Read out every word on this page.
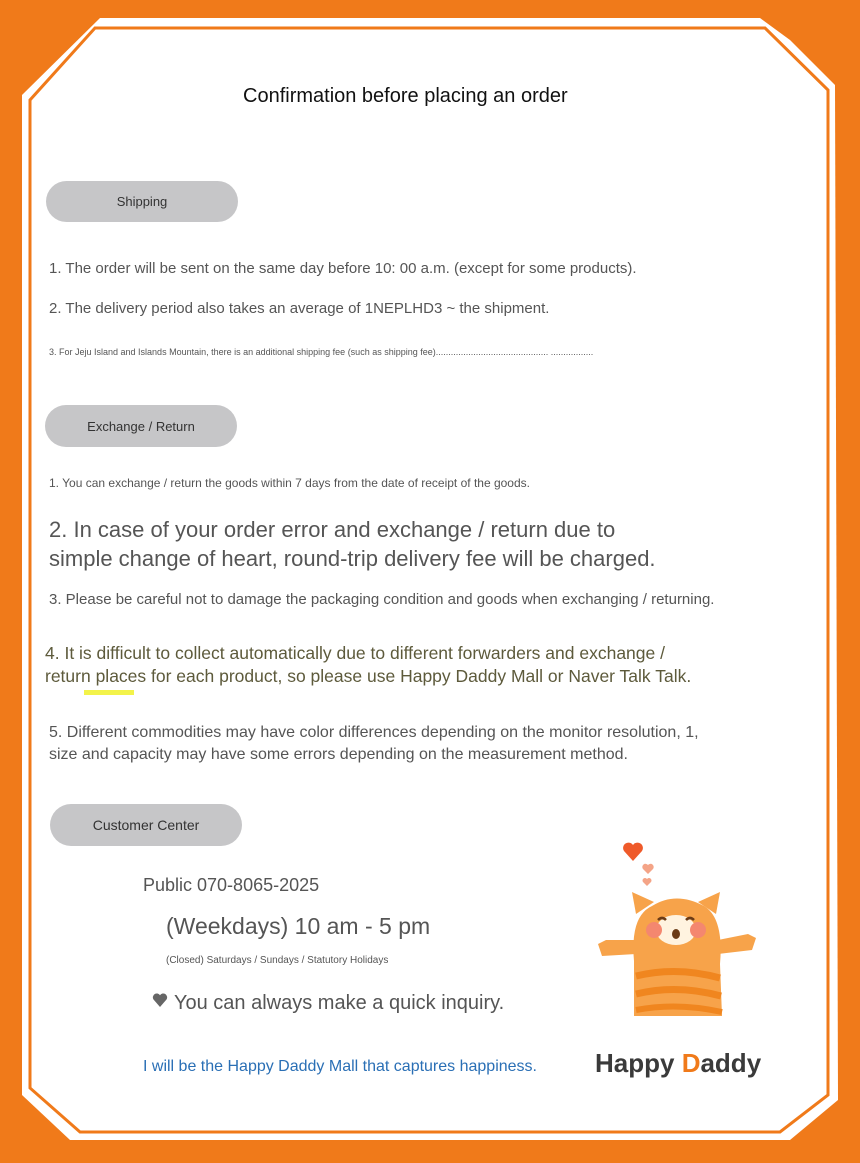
Confirmation before placing an order
Shipping
1. The order will be sent on the same day before 10: 00 a.m. (except for some products).
2. The delivery period also takes an average of 1NEPLHD3 ~ the shipment.
3. For Jeju Island and Islands Mountain, there is an additional shipping fee (such as shipping fee)............................................. .................
Exchange / Return
1. You can exchange / return the goods within 7 days from the date of receipt of the goods.
2. In case of your order error and exchange / return due to
simple change of heart, round-trip delivery fee will be charged.
3. Please be careful not to damage the packaging condition and goods when exchanging / returning.
4. It is difficult to collect automatically due to different forwarders and exchange /
return places for each product, so please use Happy Daddy Mall or Naver Talk Talk.
5. Different commodities may have color differences depending on the monitor resolution, 1,
size and capacity may have some errors depending on the measurement method.
Customer Center
Public 070-8065-2025
(Weekdays) 10 am - 5 pm
(Closed) Saturdays / Sundays / Statutory Holidays
You can always make a quick inquiry.
I will be the Happy Daddy Mall that captures happiness. Happy Daddy
